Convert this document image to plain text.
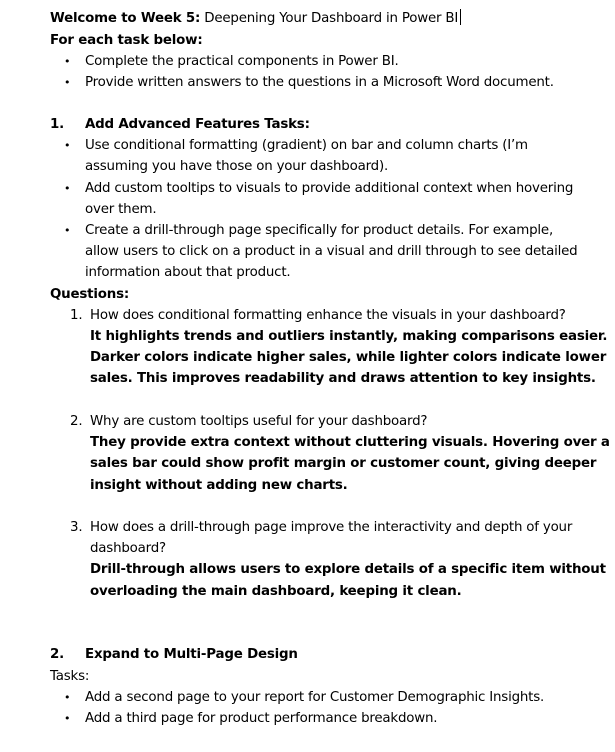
Welcome to Week 5: Deepening Your Dashboard in Power BI
For each task below:
• Complete the practical components in Power BI.
• Provide written answers to the questions in a Microsoft Word document.
1. Add Advanced Features Tasks:
• Use conditional formatting (gradient) on bar and column charts (I’m
assuming you have those on your dashboard).
• Add custom tooltips to visuals to provide additional context when hovering
over them.
• Create a drill-through page specifically for product details. For example,
allow users to click on a product in a visual and drill through to see detailed
information about that product.
Questions:
1. How does conditional formatting enhance the visuals in your dashboard?
It highlights trends and outliers instantly, making comparisons easier.
Darker colors indicate higher sales, while lighter colors indicate lower
sales. This improves readability and draws attention to key insights.
2. Why are custom tooltips useful for your dashboard?
They provide extra context without cluttering visuals. Hovering over a
sales bar could show profit margin or customer count, giving deeper
insight without adding new charts.
3. How does a drill-through page improve the interactivity and depth of your
dashboard?
Drill-through allows users to explore details of a specific item without
overloading the main dashboard, keeping it clean.
2. Expand to Multi-Page Design
Tasks:
• Add a second page to your report for Customer Demographic Insights.
• Add a third page for product performance breakdown.
